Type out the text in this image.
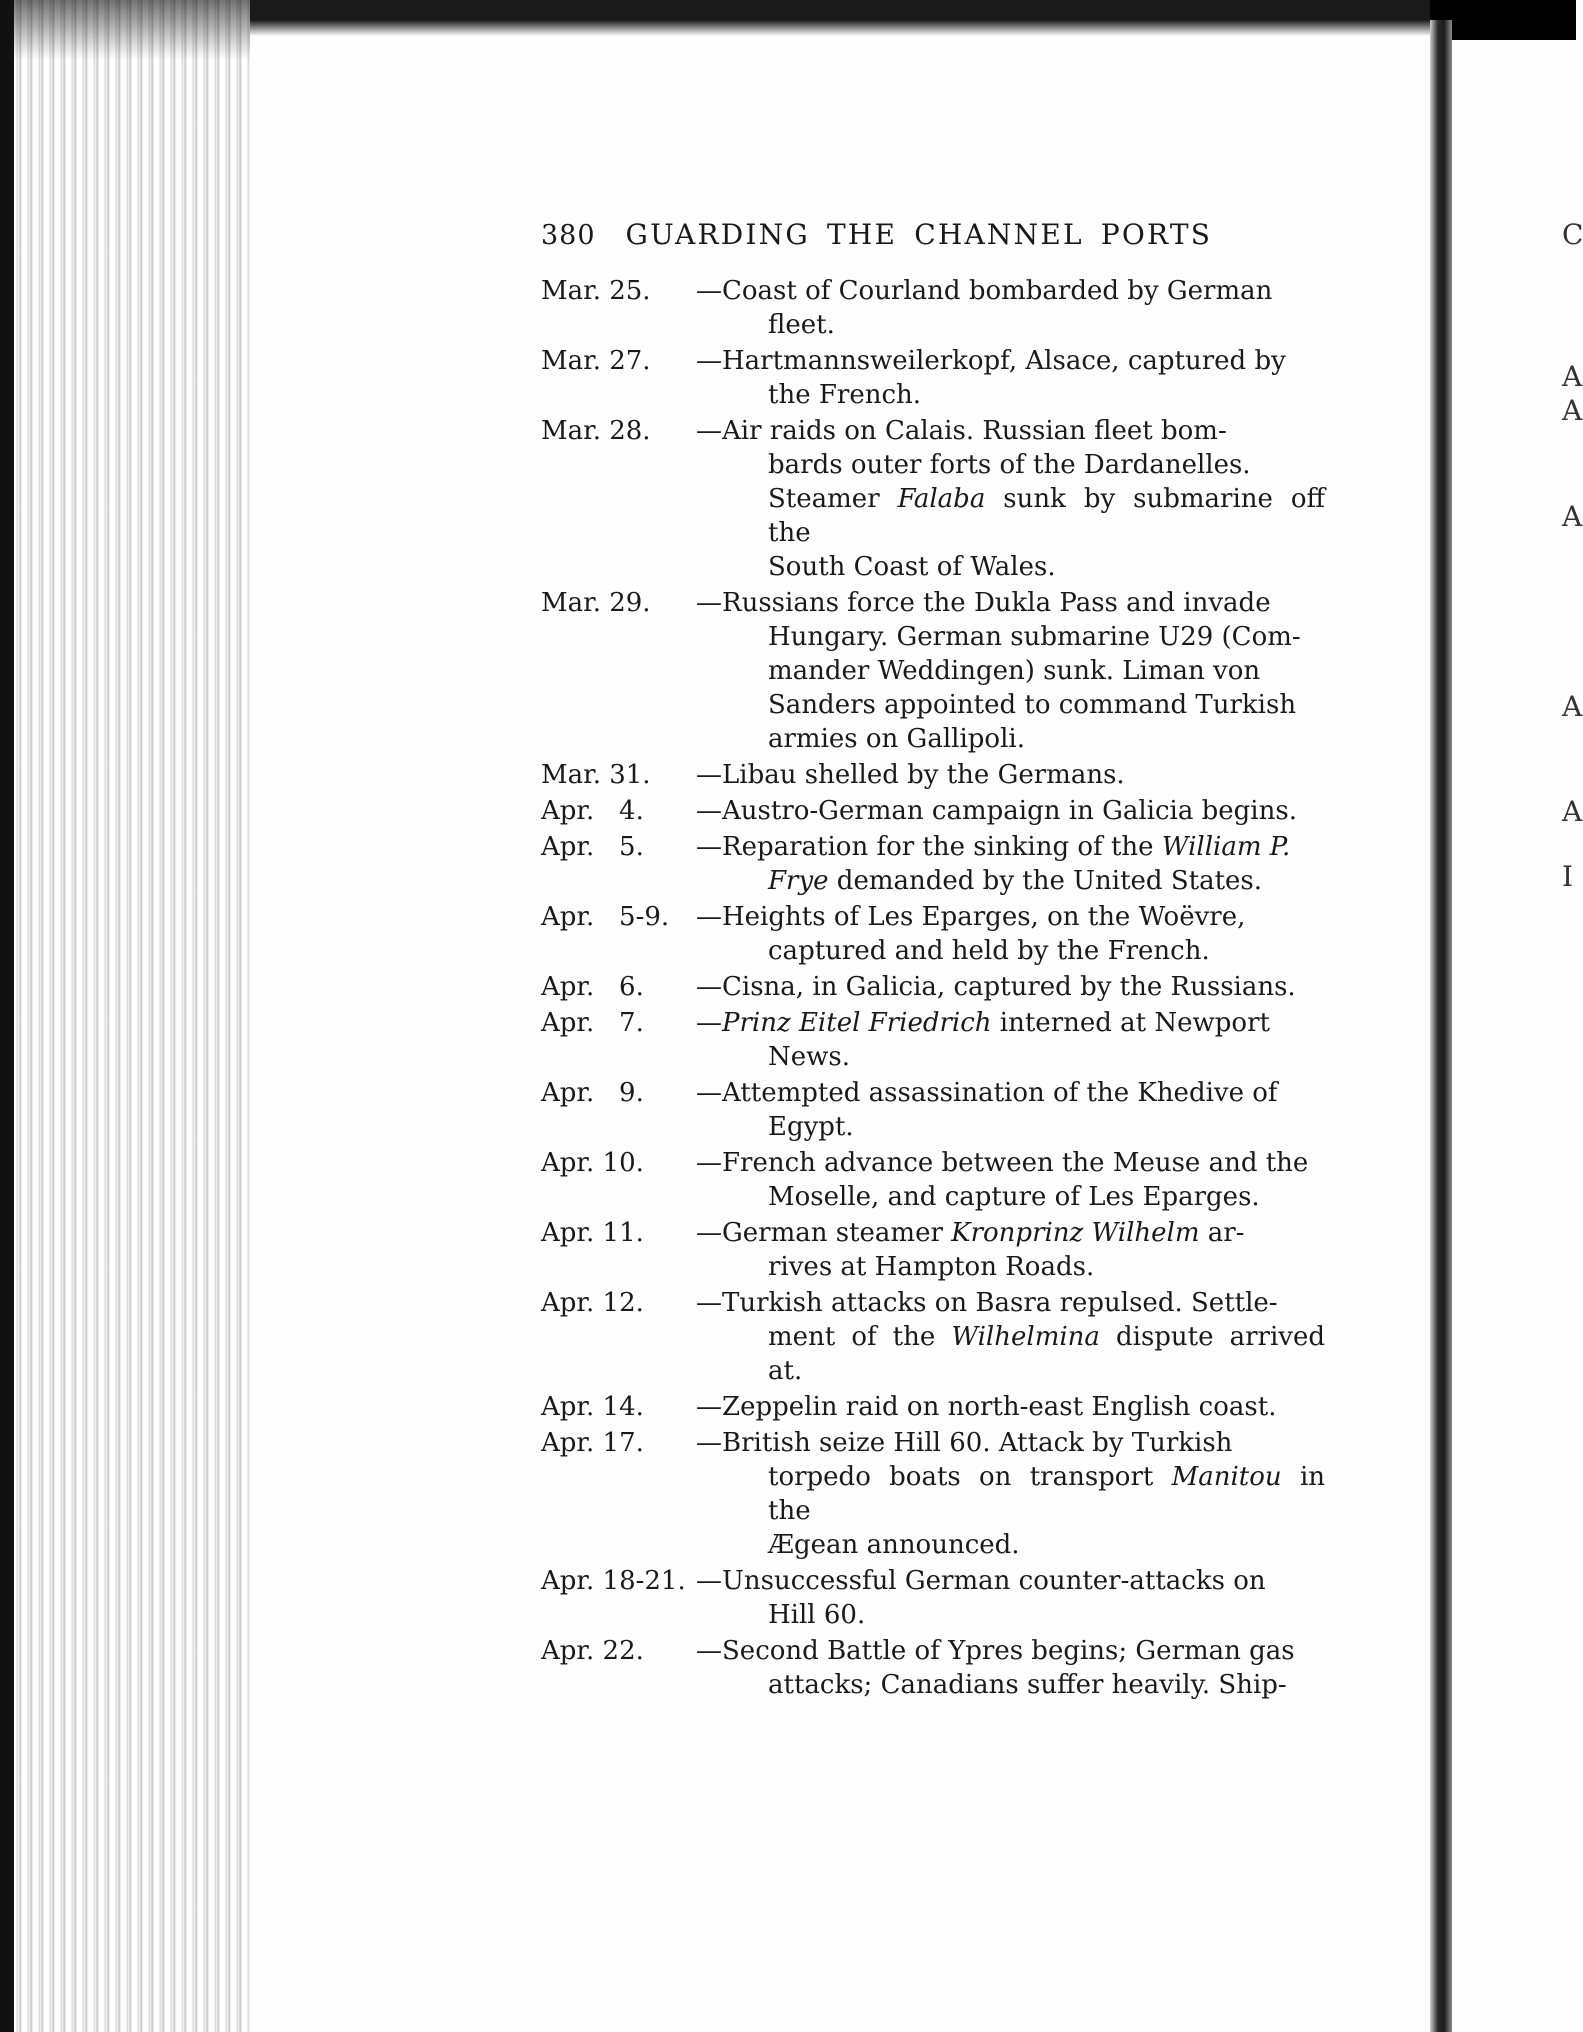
C
A
A
A
A
A
I
380 GUARDING THE CHANNEL PORTS
Mar. 25.	—Coast of Courland bombarded by German
fleet.
Mar. 27.	—Hartmannsweilerkopf, Alsace, captured by
the French.
Mar. 28.	—Air raids on Calais. Russian fleet bom-
bards outer forts of the Dardanelles.
Steamer Falaba sunk by submarine off the
South Coast of Wales.
Mar. 29.	—Russians force the Dukla Pass and invade
Hungary. German submarine U29 (Com-
mander Weddingen) sunk. Liman von
Sanders appointed to command Turkish
armies on Gallipoli.
Mar. 31.	—Libau shelled by the Germans.
Apr.   4.	—Austro-German campaign in Galicia begins.
Apr.   5.	—Reparation for the sinking of the William P.
Frye demanded by the United States.
Apr.   5-9.	—Heights of Les Eparges, on the Woëvre,
captured and held by the French.
Apr.   6.	—Cisna, in Galicia, captured by the Russians.
Apr.   7.	—Prinz Eitel Friedrich interned at Newport
News.
Apr.   9.	—Attempted assassination of the Khedive of
Egypt.
Apr. 10.	—French advance between the Meuse and the
Moselle, and capture of Les Eparges.
Apr. 11.	—German steamer Kronprinz Wilhelm ar-
rives at Hampton Roads.
Apr. 12.	—Turkish attacks on Basra repulsed. Settle-
ment of the Wilhelmina dispute arrived at.
Apr. 14.	—Zeppelin raid on north-east English coast.
Apr. 17.	—British seize Hill 60. Attack by Turkish
torpedo boats on transport Manitou in the
Ægean announced.
Apr. 18-21. —Unsuccessful German counter-attacks on
Hill 60.
Apr. 22.	—Second Battle of Ypres begins; German gas
attacks; Canadians suffer heavily. Ship-
